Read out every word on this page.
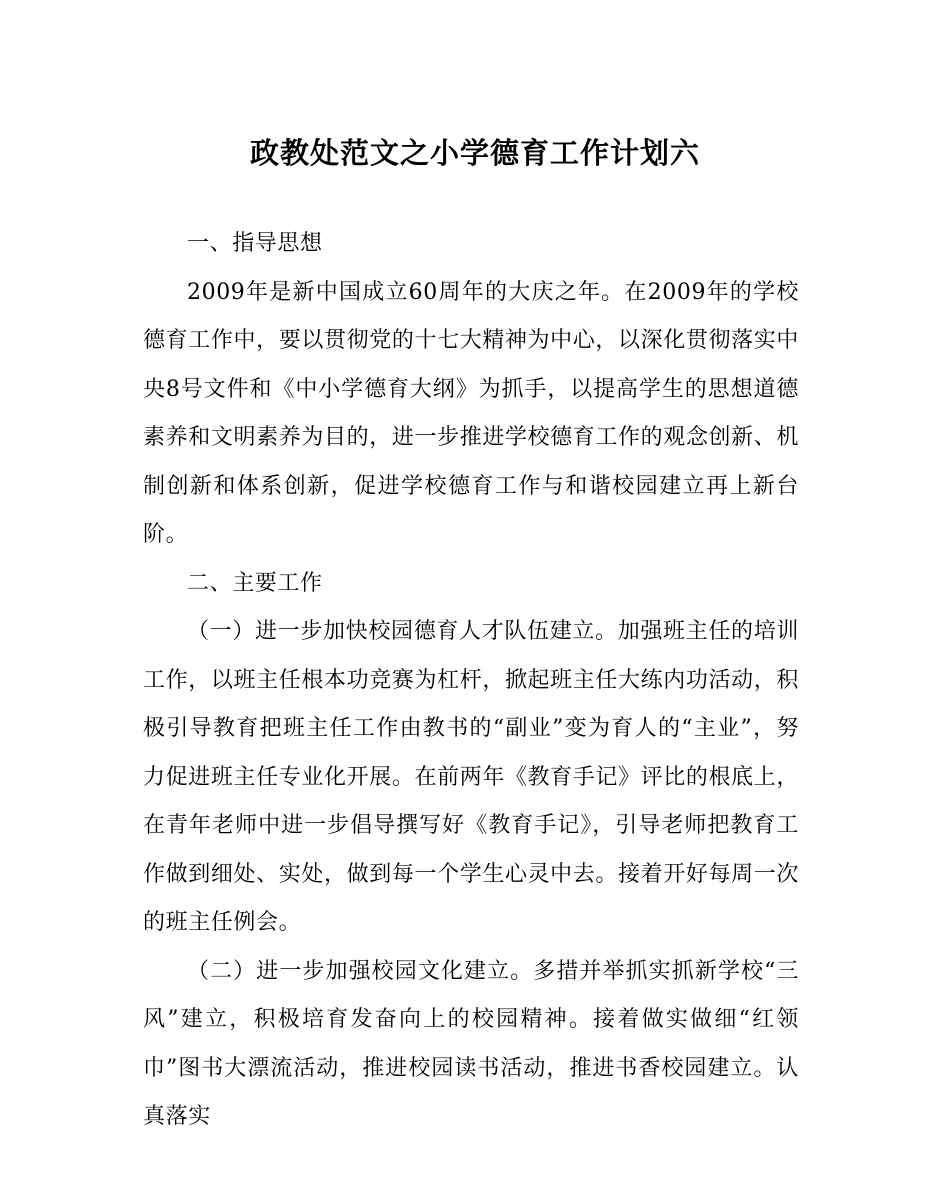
政教处范文之小学德育工作计划六

一、指导思想

2009年是新中国成立60周年的大庆之年。在2009年的学校德育工作中，要以贯彻党的十七大精神为中心，以深化贯彻落实中央8号文件和《中小学德育大纲》为抓手，以提高学生的思想道德素养和文明素养为目的，进一步推进学校德育工作的观念创新、机制创新和体系创新，促进学校德育工作与和谐校园建立再上新台阶。

二、主要工作

（一）进一步加快校园德育人才队伍建立。加强班主任的培训工作，以班主任根本功竞赛为杠杆，掀起班主任大练内功活动，积极引导教育把班主任工作由教书的“副业”变为育人的“主业”，努力促进班主任专业化开展。在前两年《教育手记》评比的根底上，在青年老师中进一步倡导撰写好《教育手记》，引导老师把教育工作做到细处、实处，做到每一个学生心灵中去。接着开好每周一次的班主任例会。

（二）进一步加强校园文化建立。多措并举抓实抓新学校“三风”建立，积极培育发奋向上的校园精神。接着做实做细“红领巾”图书大漂流活动，推进校园读书活动，推进书香校园建立。认真落实
